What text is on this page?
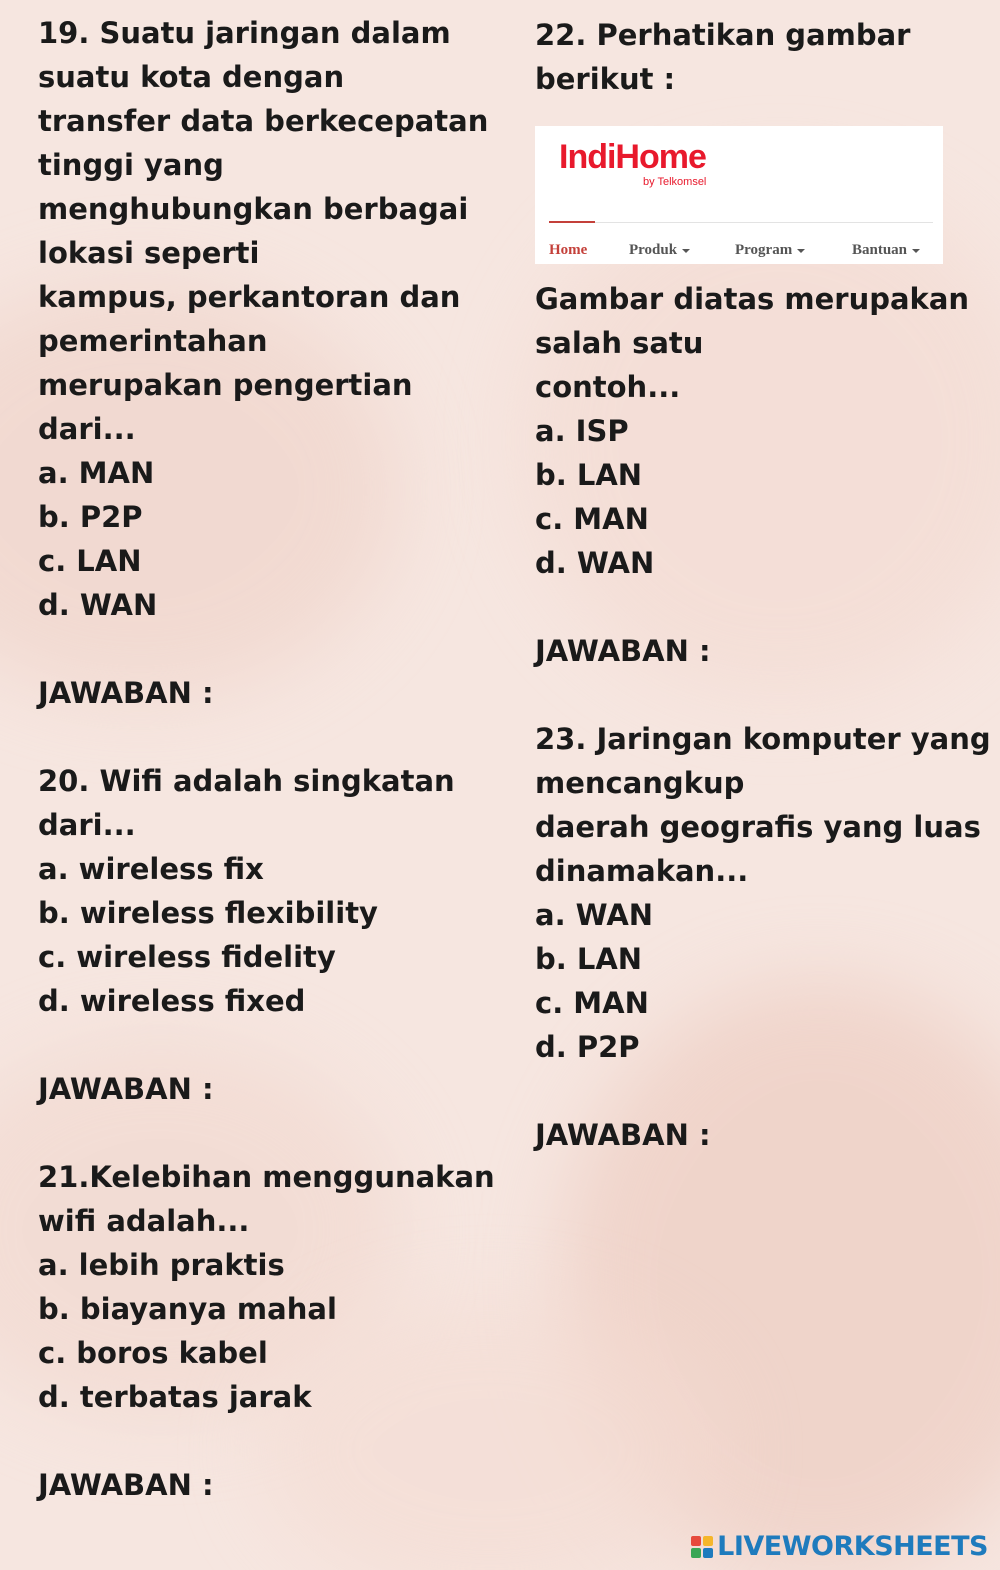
19. Suatu jaringan dalam

suatu kota dengan

transfer data berkecepatan

tinggi yang

menghubungkan berbagai

lokasi seperti

kampus, perkantoran dan

pemerintahan

merupakan pengertian

dari...

a. MAN

b. P2P

c. LAN

d. WAN

JAWABAN :

20. Wifi adalah singkatan

dari...

a. wireless fix

b. wireless flexibility

c. wireless fidelity

d. wireless fixed

JAWABAN :

21.Kelebihan menggunakan

wifi adalah...

a. lebih praktis

b. biayanya mahal

c. boros kabel

d. terbatas jarak

JAWABAN :

22. Perhatikan gambar

berikut :

IndiHome
by Telkomsel
Home	Produk	Program	Bantuan

Gambar diatas merupakan

salah satu

contoh...

a. ISP

b. LAN

c. MAN

d. WAN

JAWABAN :

23. Jaringan komputer yang

mencangkup

daerah geografis yang luas

dinamakan...

a. WAN

b. LAN

c. MAN

d. P2P

JAWABAN :

LIVEWORKSHEETS
